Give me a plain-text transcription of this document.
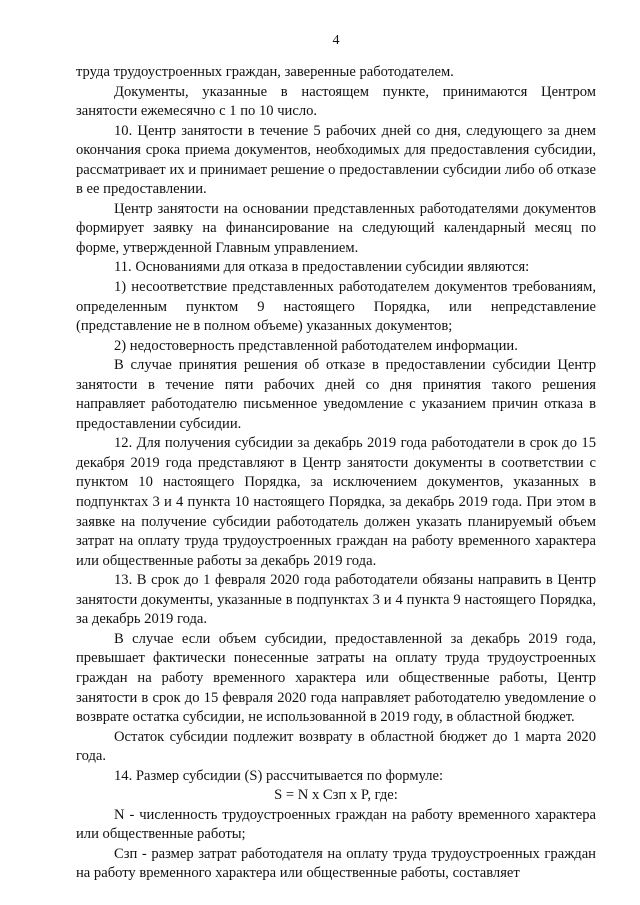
4

труда трудоустроенных граждан, заверенные работодателем.

Документы, указанные в настоящем пункте, принимаются Центром занятости ежемесячно с 1 по 10 число.

10. Центр занятости в течение 5 рабочих дней со дня, следующего за днем окончания срока приема документов, необходимых для предоставления субсидии, рассматривает их и принимает решение о предоставлении субсидии либо об отказе в ее предоставлении.

Центр занятости на основании представленных работодателями документов формирует заявку на финансирование на следующий календарный месяц по форме, утвержденной Главным управлением.

11. Основаниями для отказа в предоставлении субсидии являются:

1) несоответствие представленных работодателем документов требованиям, определенным пунктом 9 настоящего Порядка, или непредставление (представление не в полном объеме) указанных документов;

2) недостоверность представленной работодателем информации.

В случае принятия решения об отказе в предоставлении субсидии Центр занятости в течение пяти рабочих дней со дня принятия такого решения направляет работодателю письменное уведомление с указанием причин отказа в предоставлении субсидии.

12. Для получения субсидии за декабрь 2019 года работодатели в срок до 15 декабря 2019 года представляют в Центр занятости документы в соответствии с пунктом 10 настоящего Порядка, за исключением документов, указанных в подпунктах 3 и 4 пункта 10 настоящего Порядка, за декабрь 2019 года. При этом в заявке на получение субсидии работодатель должен указать планируемый объем затрат на оплату труда трудоустроенных граждан на работу временного характера или общественные работы за декабрь 2019 года.

13. В срок до 1 февраля 2020 года работодатели обязаны направить в Центр занятости документы, указанные в подпунктах 3 и 4 пункта 9 настоящего Порядка, за декабрь 2019 года.

В случае если объем субсидии, предоставленной за декабрь 2019 года, превышает фактически понесенные затраты на оплату труда трудоустроенных граждан на работу временного характера или общественные работы, Центр занятости в срок до 15 февраля 2020 года направляет работодателю уведомление о возврате остатка субсидии, не использованной в 2019 году, в областной бюджет.

Остаток субсидии подлежит возврату в областной бюджет до 1 марта 2020 года.

14. Размер субсидии (S) рассчитывается по формуле:

S = N x Сзп x P, где:

N - численность трудоустроенных граждан на работу временного характера или общественные работы;

Сзп - размер затрат работодателя на оплату труда трудоустроенных граждан на работу временного характера или общественные работы, составляет
